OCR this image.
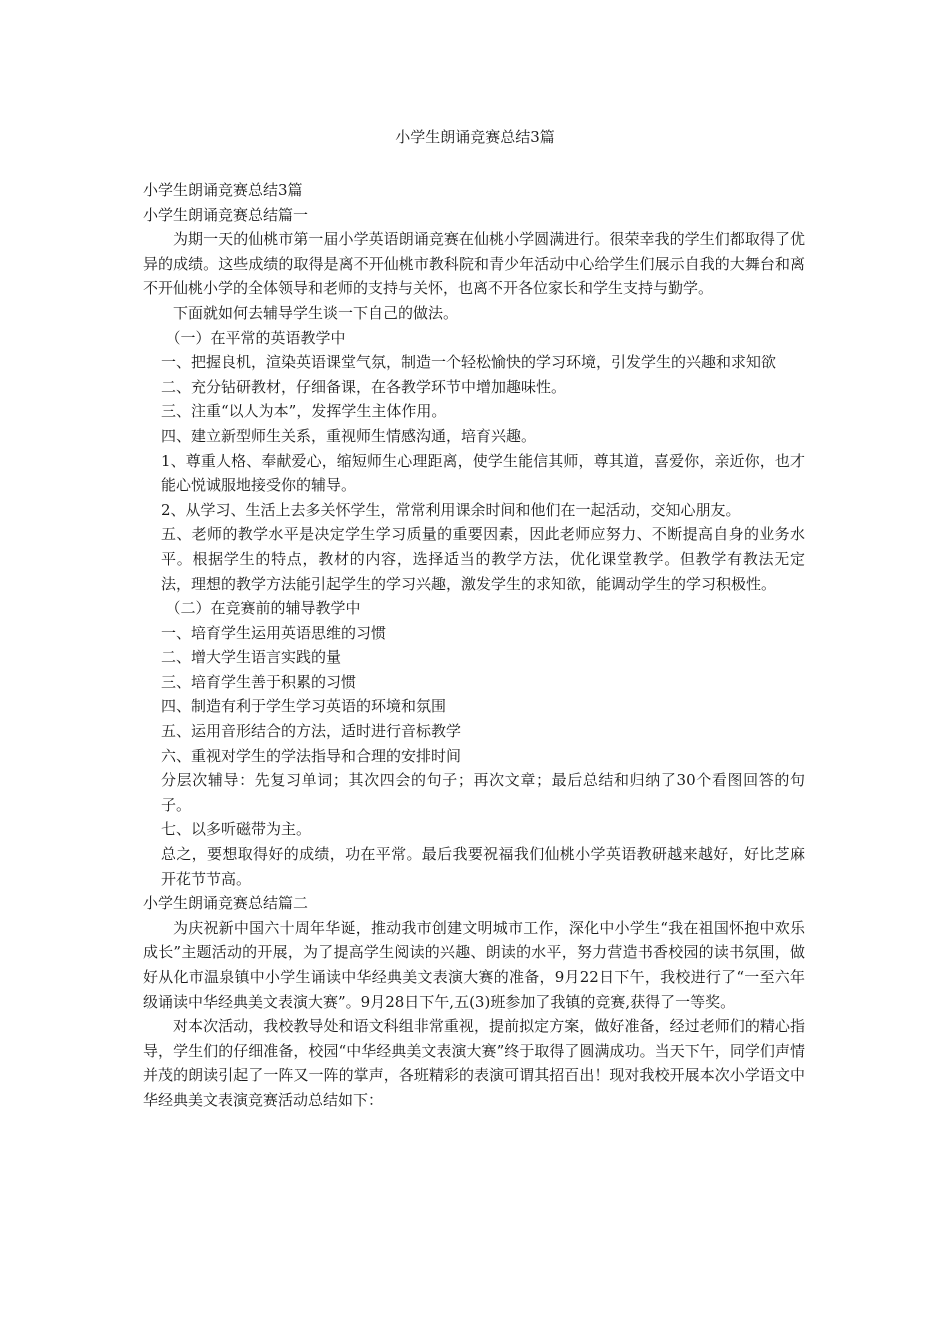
小学生朗诵竞赛总结3篇

小学生朗诵竞赛总结3篇

小学生朗诵竞赛总结篇一

为期一天的仙桃市第一届小学英语朗诵竞赛在仙桃小学圆满进行。很荣幸我的学生们都取得了优异的成绩。这些成绩的取得是离不开仙桃市教科院和青少年活动中心给学生们展示自我的大舞台和离不开仙桃小学的全体领导和老师的支持与关怀，也离不开各位家长和学生支持与勤学。

下面就如何去辅导学生谈一下自己的做法。

（一）在平常的英语教学中

一、把握良机，渲染英语课堂气氛，制造一个轻松愉快的学习环境，引发学生的兴趣和求知欲

二、充分钻研教材，仔细备课，在各教学环节中增加趣味性。

三、注重“以人为本”，发挥学生主体作用。

四、建立新型师生关系，重视师生情感沟通，培育兴趣。

1、尊重人格、奉献爱心，缩短师生心理距离，使学生能信其师，尊其道，喜爱你，亲近你，也才能心悦诚服地接受你的辅导。

2、从学习、生活上去多关怀学生，常常利用课余时间和他们在一起活动，交知心朋友。

五、老师的教学水平是决定学生学习质量的重要因素，因此老师应努力、不断提高自身的业务水平。根据学生的特点，教材的内容，选择适当的教学方法，优化课堂教学。但教学有教法无定法，理想的教学方法能引起学生的学习兴趣，激发学生的求知欲，能调动学生的学习积极性。

（二）在竞赛前的辅导教学中

一、培育学生运用英语思维的习惯

二、增大学生语言实践的量

三、培育学生善于积累的习惯

四、制造有利于学生学习英语的环境和氛围

五、运用音形结合的方法，适时进行音标教学

六、重视对学生的学法指导和合理的安排时间

分层次辅导：先复习单词；其次四会的句子；再次文章；最后总结和归纳了30个看图回答的句子。

七、以多听磁带为主。

总之，要想取得好的成绩，功在平常。最后我要祝福我们仙桃小学英语教研越来越好，好比芝麻开花节节高。

小学生朗诵竞赛总结篇二

为庆祝新中国六十周年华诞，推动我市创建文明城市工作，深化中小学生“我在祖国怀抱中欢乐成长”主题活动的开展，为了提高学生阅读的兴趣、朗读的水平，努力营造书香校园的读书氛围，做好从化市温泉镇中小学生诵读中华经典美文表演大赛的准备，9月22日下午，我校进行了“一至六年级诵读中华经典美文表演大赛”。9月28日下午,五(3)班参加了我镇的竞赛,获得了一等奖。

对本次活动，我校教导处和语文科组非常重视，提前拟定方案，做好准备，经过老师们的精心指导，学生们的仔细准备，校园“中华经典美文表演大赛”终于取得了圆满成功。当天下午，同学们声情并茂的朗读引起了一阵又一阵的掌声，各班精彩的表演可谓其招百出！现对我校开展本次小学语文中华经典美文表演竞赛活动总结如下：
